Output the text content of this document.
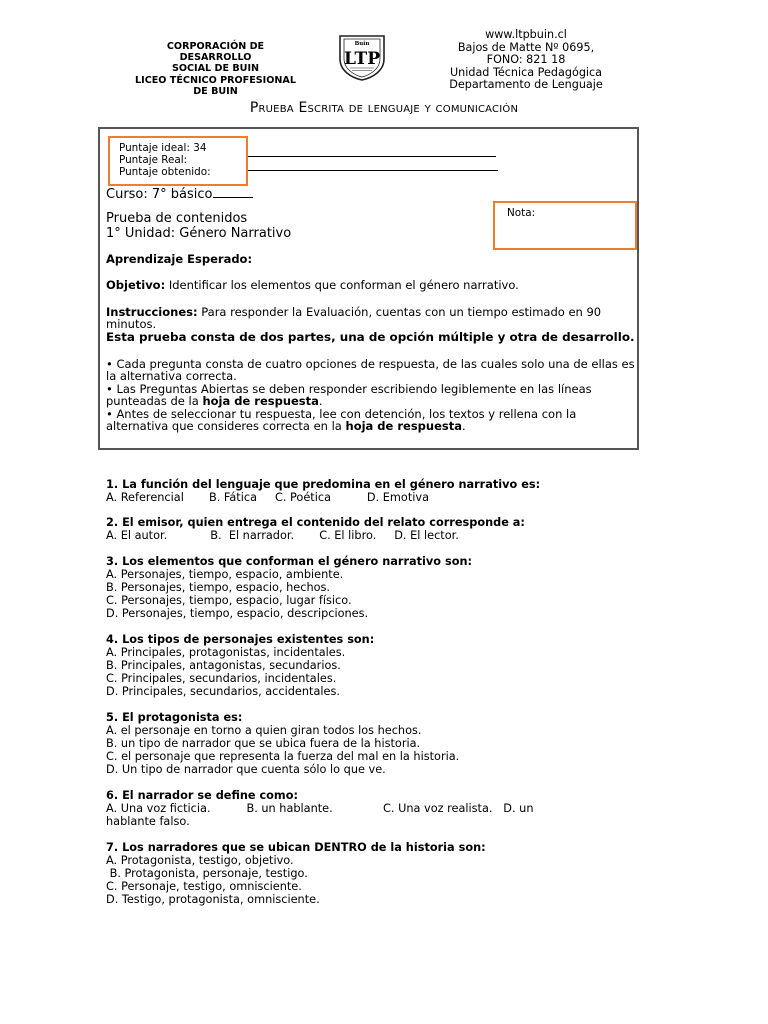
CORPORACIÓN DE
DESARROLLO
SOCIAL DE BUIN
LICEO TÉCNICO PROFESIONAL
DE BUIN
Buin
LTP
www.ltpbuin.cl
Bajos de Matte Nº 0695,
FONO: 821 18
Unidad Técnica Pedagógica
Departamento de Lenguaje
Prueba Escrita de lenguaje y comunicación
Puntaje ideal: 34
Puntaje Real:
Puntaje obtenido:
Nota:
Curso: 7° básico
Prueba de contenidos
1° Unidad: Género Narrativo
Aprendizaje Esperado:
Objetivo: Identificar los elementos que conforman el género narrativo.
Instrucciones: Para responder la Evaluación, cuentas con un tiempo estimado en 90 minutos.
Esta prueba consta de dos partes, una de opción múltiple y otra de desarrollo.
• Cada pregunta consta de cuatro opciones de respuesta, de las cuales solo una de ellas es la alternativa correcta.
• Las Preguntas Abiertas se deben responder escribiendo legiblemente en las líneas punteadas de la hoja de respuesta.
• Antes de seleccionar tu respuesta, lee con detención, los textos y rellena con la alternativa que consideres correcta en la hoja de respuesta.
1. La función del lenguaje que predomina en el género narrativo es:
A. Referencial       B. Fática     C. Poética          D. Emotiva
2. El emisor, quien entrega el contenido del relato corresponde a:
A. El autor.            B.  El narrador.       C. El libro.     D. El lector.
3. Los elementos que conforman el género narrativo son:
A. Personajes, tiempo, espacio, ambiente.
B. Personajes, tiempo, espacio, hechos.
C. Personajes, tiempo, espacio, lugar físico.
D. Personajes, tiempo, espacio, descripciones.
4. Los tipos de personajes existentes son:
A. Principales, protagonistas, incidentales.
B. Principales, antagonistas, secundarios.
C. Principales, secundarios, incidentales.
D. Principales, secundarios, accidentales.
5. El protagonista es:
A. el personaje en torno a quien giran todos los hechos.
B. un tipo de narrador que se ubica fuera de la historia.
C. el personaje que representa la fuerza del mal en la historia.
D. Un tipo de narrador que cuenta sólo lo que ve.
6. El narrador se define como:
A. Una voz ficticia.          B. un hablante.              C. Una voz realista.   D. un
hablante falso.
7. Los narradores que se ubican DENTRO de la historia son:
A. Protagonista, testigo, objetivo.
B. Protagonista, personaje, testigo.
C. Personaje, testigo, omnisciente.
D. Testigo, protagonista, omnisciente.
